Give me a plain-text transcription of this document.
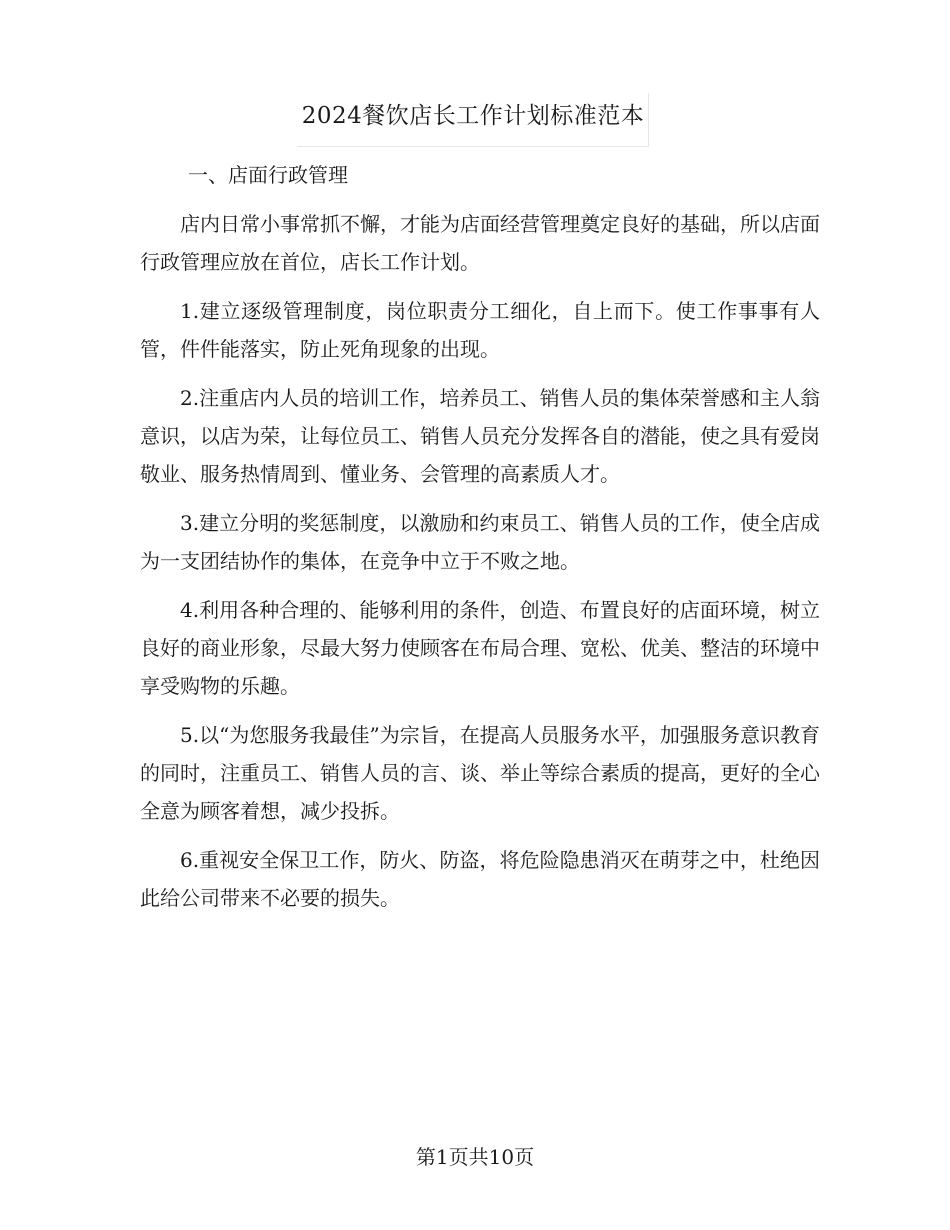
2024餐饮店长工作计划标准范本

一、店面行政管理

店内日常小事常抓不懈，才能为店面经营管理奠定良好的基础，所以店面行政管理应放在首位，店长工作计划。

1.建立逐级管理制度，岗位职责分工细化，自上而下。使工作事事有人管，件件能落实，防止死角现象的出现。

2.注重店内人员的培训工作，培养员工、销售人员的集体荣誉感和主人翁意识，以店为荣，让每位员工、销售人员充分发挥各自的潜能，使之具有爱岗敬业、服务热情周到、懂业务、会管理的高素质人才。

3.建立分明的奖惩制度，以激励和约束员工、销售人员的工作，使全店成为一支团结协作的集体，在竞争中立于不败之地。

4.利用各种合理的、能够利用的条件，创造、布置良好的店面环境，树立良好的商业形象，尽最大努力使顾客在布局合理、宽松、优美、整洁的环境中享受购物的乐趣。

5.以“为您服务我最佳”为宗旨，在提高人员服务水平，加强服务意识教育的同时，注重员工、销售人员的言、谈、举止等综合素质的提高，更好的全心全意为顾客着想，减少投拆。

6.重视安全保卫工作，防火、防盗，将危险隐患消灭在萌芽之中，杜绝因此给公司带来不必要的损失。

第1页共10页
